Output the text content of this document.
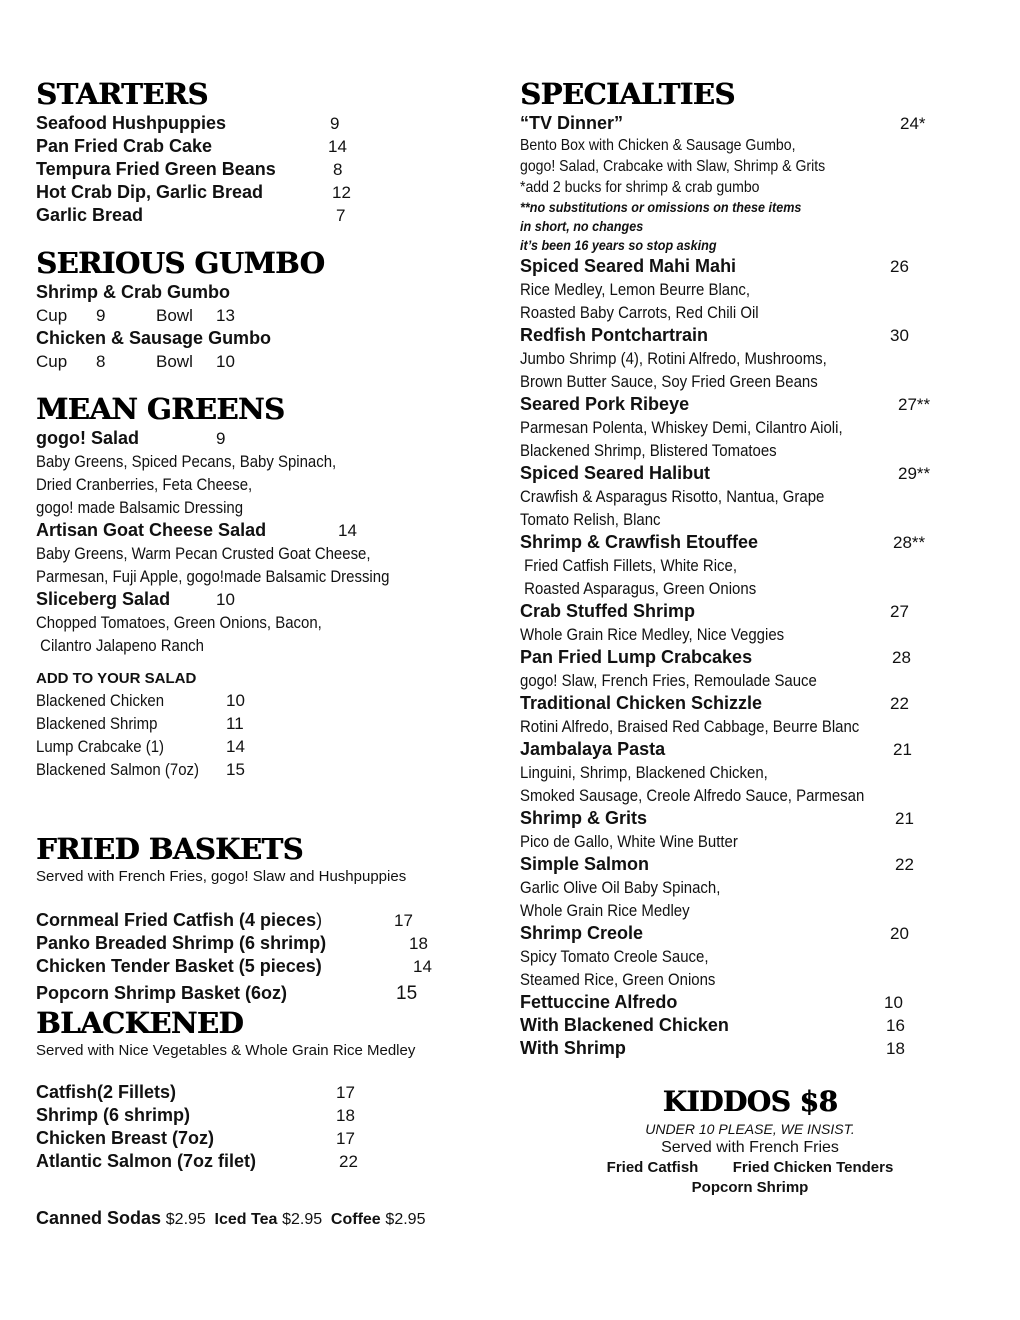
STARTERS
Seafood Hushpuppies	9
Pan Fried Crab Cake	14
Tempura Fried Green Beans	8
Hot Crab Dip, Garlic Bread	12
Garlic Bread	7
SERIOUS GUMBO
Shrimp & Crab Gumbo
Cup 9	Bowl 13
Chicken & Sausage Gumbo
Cup 8	Bowl 10
MEAN GREENS
gogo! Salad	9
Baby Greens, Spiced Pecans, Baby Spinach,
Dried Cranberries, Feta Cheese,
gogo! made Balsamic Dressing
Artisan Goat Cheese Salad	14
Baby Greens, Warm Pecan Crusted Goat Cheese,
Parmesan, Fuji Apple, gogo!made Balsamic Dressing
Sliceberg Salad	10
Chopped Tomatoes, Green Onions, Bacon,
Cilantro Jalapeno Ranch
ADD TO YOUR SALAD
Blackened Chicken	10
Blackened Shrimp	11
Lump Crabcake (1)	14
Blackened Salmon (7oz) 15
FRIED BASKETS
Served with French Fries, gogo! Slaw and Hushpuppies
Cornmeal Fried Catfish (4 pieces)	17
Panko Breaded Shrimp (6 shrimp)	18
Chicken Tender Basket (5 pieces)	14
Popcorn Shrimp Basket (6oz)	15
BLACKENED
Served with Nice Vegetables & Whole Grain Rice Medley
Catfish(2 Fillets)	17
Shrimp (6 shrimp)	18
Chicken Breast (7oz)	17
Atlantic Salmon (7oz filet)	22
Canned Sodas $2.95 Iced Tea $2.95 Coffee $2.95
SPECIALTIES
“TV Dinner”	24*
Bento Box with Chicken & Sausage Gumbo,
gogo! Salad, Crabcake with Slaw, Shrimp & Grits
*add 2 bucks for shrimp & crab gumbo
**no substitutions or omissions on these items
in short, no changes
it’s been 16 years so stop asking
Spiced Seared Mahi Mahi	26
Rice Medley, Lemon Beurre Blanc,
Roasted Baby Carrots, Red Chili Oil
Redfish Pontchartrain	30
Jumbo Shrimp (4), Rotini Alfredo, Mushrooms,
Brown Butter Sauce, Soy Fried Green Beans
Seared Pork Ribeye	27**
Parmesan Polenta, Whiskey Demi, Cilantro Aioli,
Blackened Shrimp, Blistered Tomatoes
Spiced Seared Halibut	29**
Crawfish & Asparagus Risotto, Nantua, Grape
Tomato Relish, Blanc
Shrimp & Crawfish Etouffee	28**
Fried Catfish Fillets, White Rice,
Roasted Asparagus, Green Onions
Crab Stuffed Shrimp	27
Whole Grain Rice Medley, Nice Veggies
Pan Fried Lump Crabcakes	28
gogo! Slaw, French Fries, Remoulade Sauce
Traditional Chicken Schizzle	22
Rotini Alfredo, Braised Red Cabbage, Beurre Blanc
Jambalaya Pasta	21
Linguini, Shrimp, Blackened Chicken,
Smoked Sausage, Creole Alfredo Sauce, Parmesan
Shrimp & Grits	21
Pico de Gallo, White Wine Butter
Simple Salmon	22
Garlic Olive Oil Baby Spinach,
Whole Grain Rice Medley
Shrimp Creole	20
Spicy Tomato Creole Sauce,
Steamed Rice, Green Onions
Fettuccine Alfredo	10
With Blackened Chicken	16
With Shrimp	18
KIDDOS $8
UNDER 10 PLEASE, WE INSIST.
Served with French Fries
Fried Catfish Fried Chicken Tenders
Popcorn Shrimp
